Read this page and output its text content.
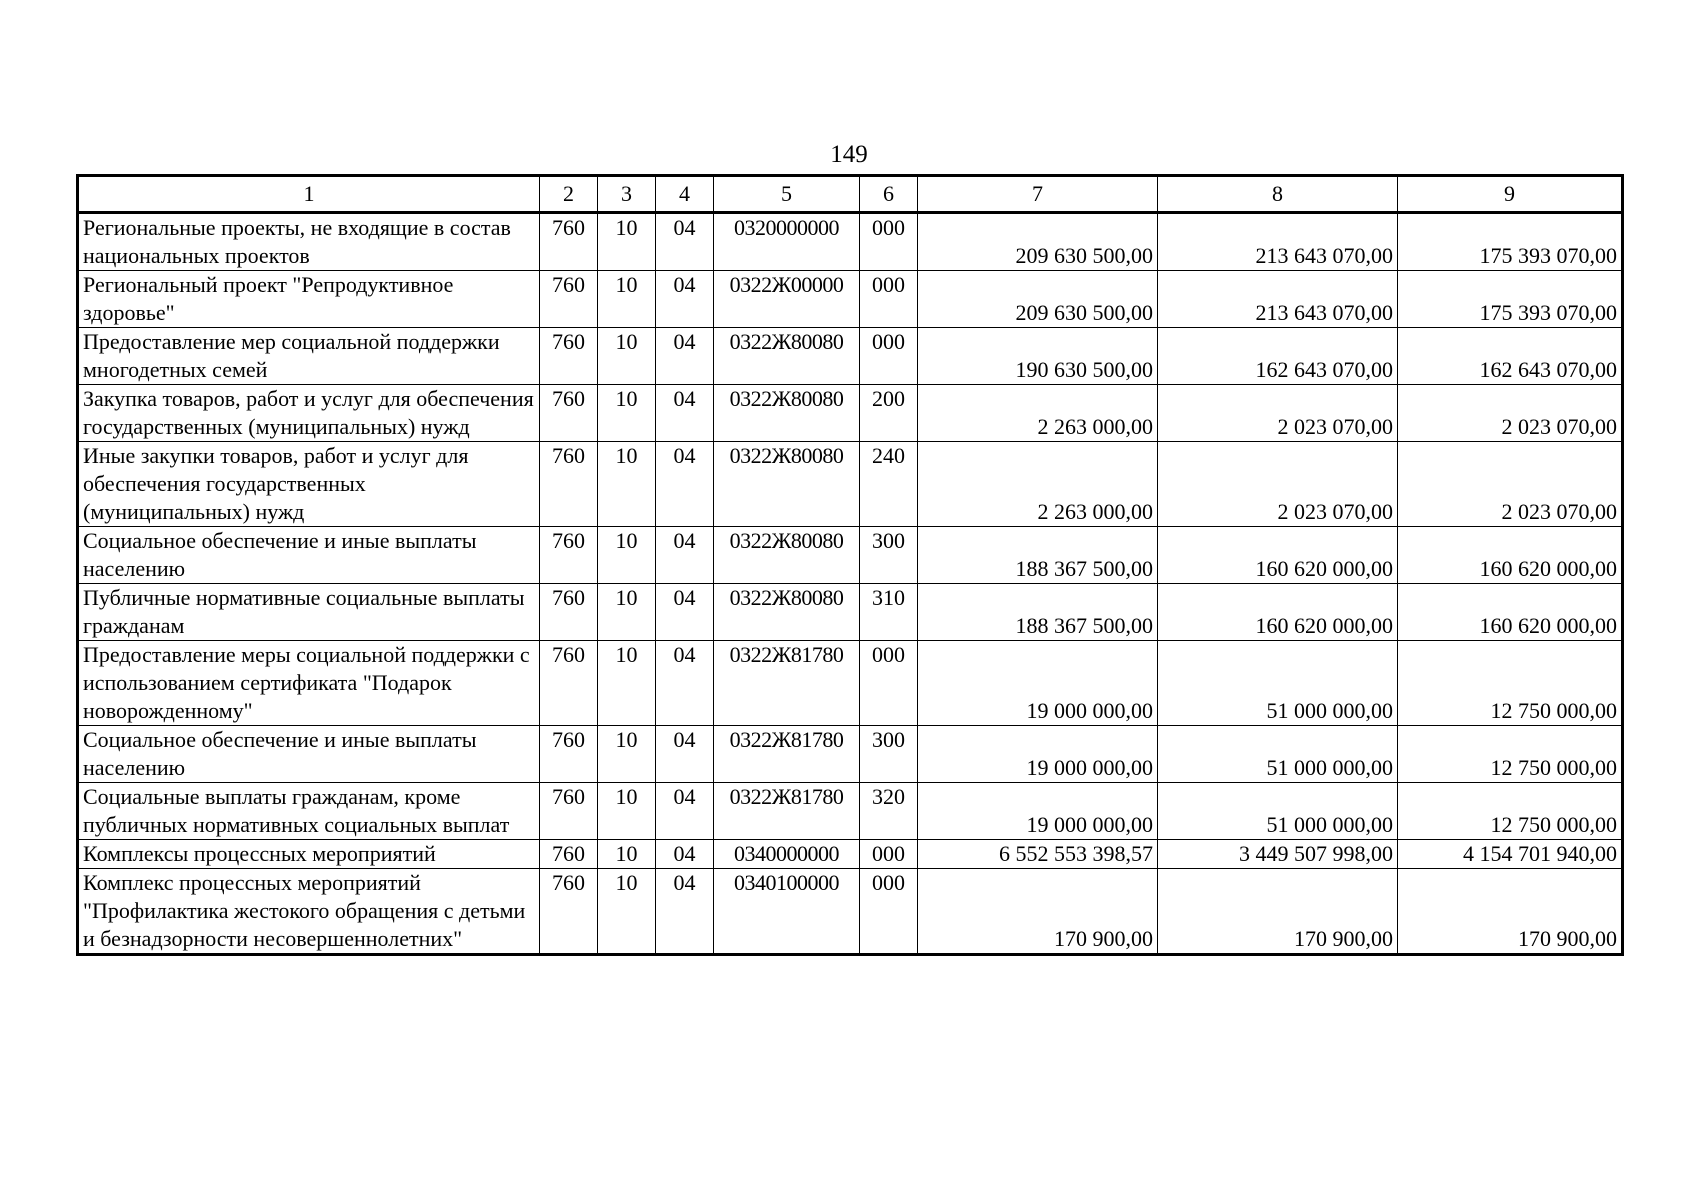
149
1	2	3	4	5	6	7	8	9
Региональные проекты, не входящие в состав национальных проектов	760	10	04	0320000000	000	209 630 500,00	213 643 070,00	175 393 070,00
Региональный проект "Репродуктивное здоровье"	760	10	04	0322Ж00000	000	209 630 500,00	213 643 070,00	175 393 070,00
Предоставление мер социальной поддержки многодетных семей	760	10	04	0322Ж80080	000	190 630 500,00	162 643 070,00	162 643 070,00
Закупка товаров, работ и услуг для обеспечения государственных (муниципальных) нужд	760	10	04	0322Ж80080	200	2 263 000,00	2 023 070,00	2 023 070,00
Иные закупки товаров, работ и услуг для обеспечения государственных (муниципальных) нужд	760	10	04	0322Ж80080	240	2 263 000,00	2 023 070,00	2 023 070,00
Социальное обеспечение и иные выплаты населению	760	10	04	0322Ж80080	300	188 367 500,00	160 620 000,00	160 620 000,00
Публичные нормативные социальные выплаты гражданам	760	10	04	0322Ж80080	310	188 367 500,00	160 620 000,00	160 620 000,00
Предоставление меры социальной поддержки с использованием сертификата "Подарок новорожденному"	760	10	04	0322Ж81780	000	19 000 000,00	51 000 000,00	12 750 000,00
Социальное обеспечение и иные выплаты населению	760	10	04	0322Ж81780	300	19 000 000,00	51 000 000,00	12 750 000,00
Социальные выплаты гражданам, кроме публичных нормативных социальных выплат	760	10	04	0322Ж81780	320	19 000 000,00	51 000 000,00	12 750 000,00
Комплексы процессных мероприятий	760	10	04	0340000000	000	6 552 553 398,57	3 449 507 998,00	4 154 701 940,00
Комплекс процессных мероприятий "Профилактика жестокого обращения с детьми и безнадзорности несовершеннолетних"	760	10	04	0340100000	000	170 900,00	170 900,00	170 900,00
